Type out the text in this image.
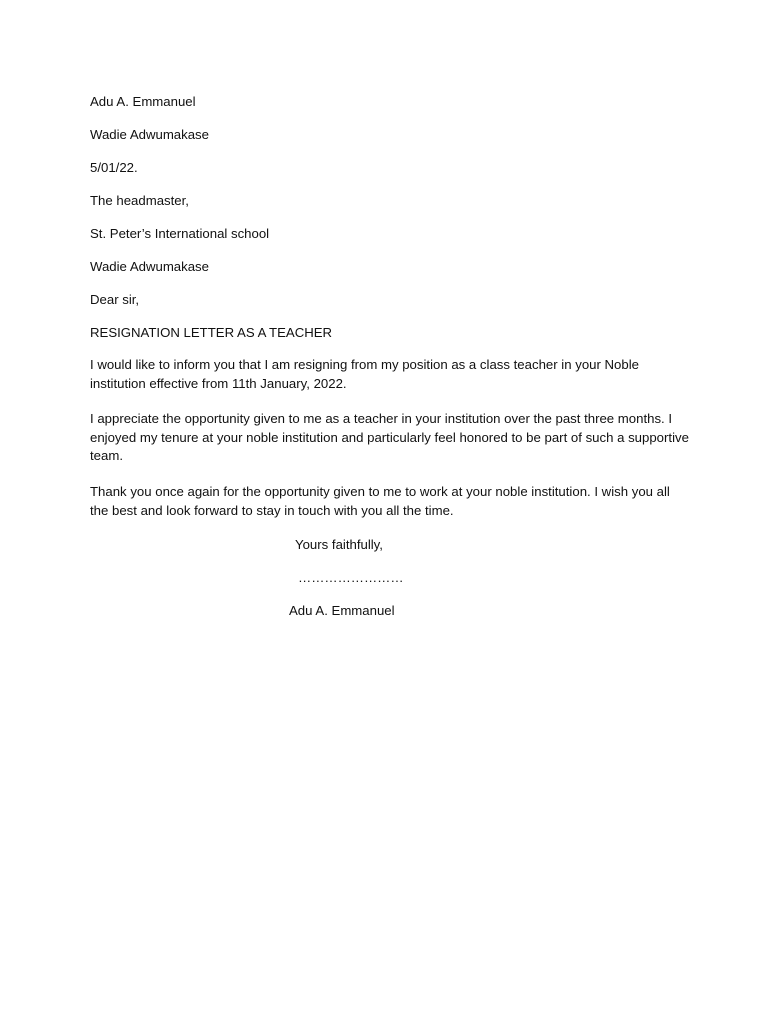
Adu A. Emmanuel
Wadie Adwumakase
5/01/22.
The headmaster,
St. Peter’s International school
Wadie Adwumakase
Dear sir,
RESIGNATION LETTER AS A TEACHER
I would like to inform you that I am resigning from my position as a class teacher in your Noble
institution effective from 11th January, 2022.
I appreciate the opportunity given to me as a teacher in your institution over the past three months. I
enjoyed my tenure at your noble institution and particularly feel honored to be part of such a supportive
team.
Thank you once again for the opportunity given to me to work at your noble institution. I wish you all
the best and look forward to stay in touch with you all the time.
Yours faithfully,
……………………
Adu A. Emmanuel
